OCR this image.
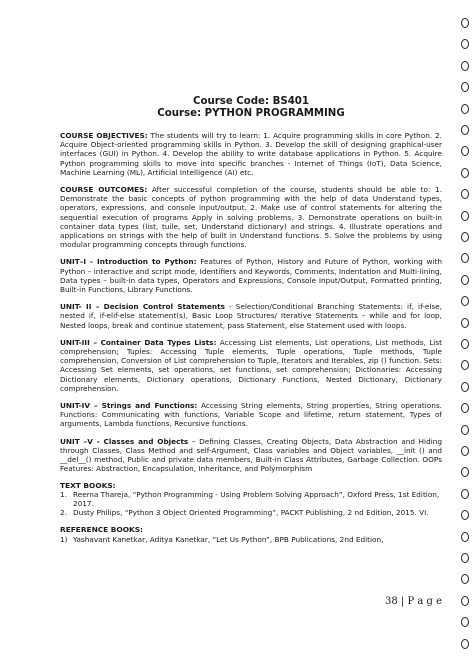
Course Code: BS401
Course: PYTHON PROGRAMMING
COURSE OBJECTIVES: The students will try to learn: 1. Acquire programming skills in core Python. 2. Acquire Object-oriented programming skills in Python. 3. Develop the skill of designing graphical-user interfaces (GUI) in Python. 4. Develop the ability to write database applications in Python. 5. Acquire Python programming skills to move into specific branches - Internet of Things (IoT), Data Science, Machine Learning (ML), Artificial Intelligence (AI) etc.
COURSE OUTCOMES: After successful completion of the course, students should be able to: 1. Demonstrate the basic concepts of python programming with the help of data Understand types, operators, expressions, and console input/output. 2. Make use of control statements for altering the sequential execution of programs Apply in solving problems. 3. Demonstrate operations on built-in container data types (list, tuile, set, Understand dictionary) and strings. 4. Illustrate operations and applications on strings with the help of built in Understand functions. 5. Solve the problems by using modular programming concepts through functions.
UNIT–I - Introduction to Python: Features of Python, History and Future of Python, working with Python – interactive and script mode, Identifiers and Keywords, Comments, Indentation and Multi-lining, Data types – built-in data types, Operators and Expressions, Console Input/Output, Formatted printing, Built-in Functions, Library Functions.
UNIT- II – Decision Control Statements - Selection/Conditional Branching Statements: if, if-else, nested if, if-elif-else statement(s), Basic Loop Structures/ Iterative Statements – while and for loop, Nested loops, break and continue statement, pass Statement, else Statement used with loops.
UNIT-III – Container Data Types Lists: Accessing List elements, List operations, List methods, List comprehension; Tuples: Accessing Tuple elements, Tuple operations, Tuple methods, Tuple comprehension, Conversion of List comprehension to Tuple, Iterators and Iterables, zip () function. Sets: Accessing Set elements, set operations, set functions, set comprehension; Dictionaries: Accessing Dictionary elements, Dictionary operations, Dictionary Functions, Nested Dictionary, Dictionary comprehension.
UNIT-IV – Strings and Functions: Accessing String elements, String properties, String operations. Functions: Communicating with functions, Variable Scope and lifetime, return statement, Types of arguments, Lambda functions, Recursive functions.
UNIT –V - Classes and Objects – Defining Classes, Creating Objects, Data Abstraction and Hiding through Classes, Class Method and self-Argument, Class variables and Object variables, __init () and __del__() method, Public and private data members, Built-in Class Attributes, Garbage Collection. OOPs Features: Abstraction, Encapsulation, Inheritance, and Polymorphism
TEXT BOOKS:
1. Reema Thareja, “Python Programming - Using Problem Solving Approach”, Oxford Press, 1st Edition, 2017.
2. Dusty Philips, “Python 3 Object Oriented Programming”, PACKT Publishing, 2 nd Edition, 2015. VI.
REFERENCE BOOKS:
1) Yashavant Kanetkar, Aditya Kanetkar, “Let Us Python”, BPB Publications, 2nd Edition,
38 | P a g e
